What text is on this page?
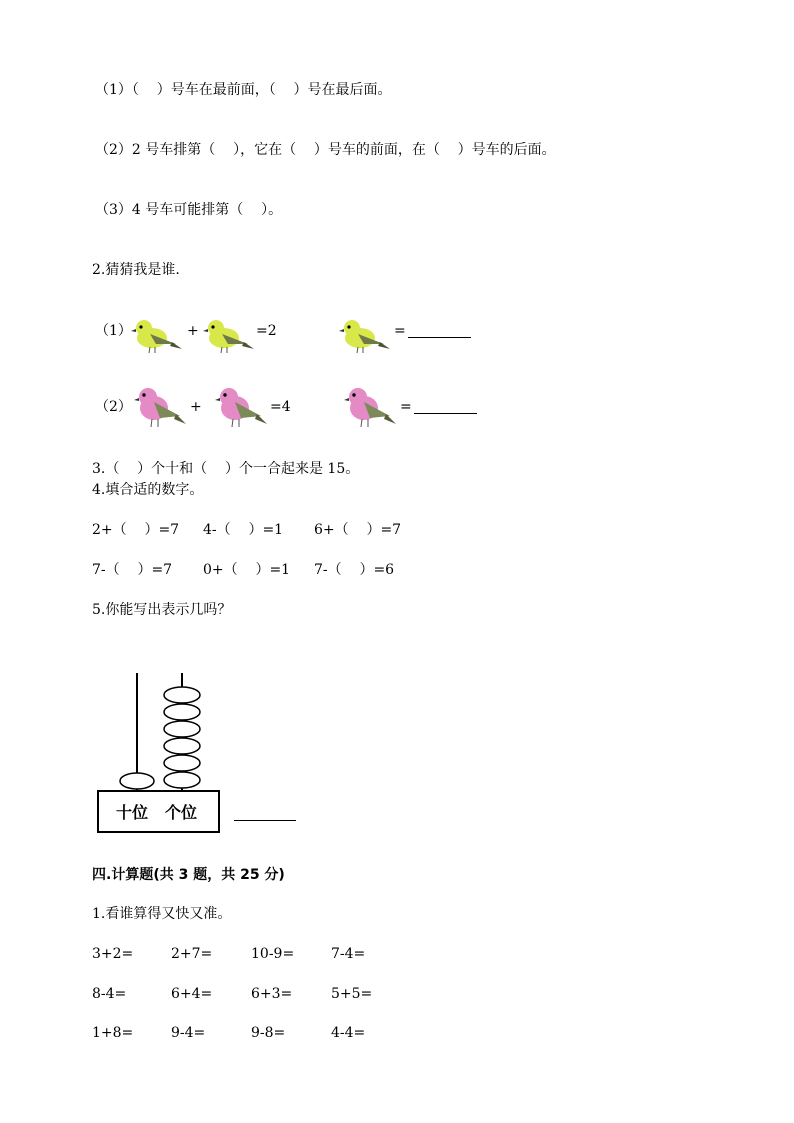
（1）（    ）号车在最前面，（    ）号在最后面。
（2）2 号车排第（    ），它在（    ）号车的前面，在（    ）号车的后面。
（3）4 号车可能排第（    ）。
2.猜猜我是谁.
（1）	+	=2	=
（2）	+	=4	=
3.（    ）个十和（    ）个一合起来是 15。
4.填合适的数字。
2+（    ）=7 4-（    ）=1 6+（    ）=7
7-（    ）=7 0+（    ）=1 7-（    ）=6
5.你能写出表示几吗？
十位 个位
四.计算题(共 3 题，共 25 分)
1.看谁算得又快又准。
3+2=	2+7=	10-9=	7-4=
8-4=	6+4=	6+3=	5+5=
1+8=	9-4=	9-8=	4-4=
